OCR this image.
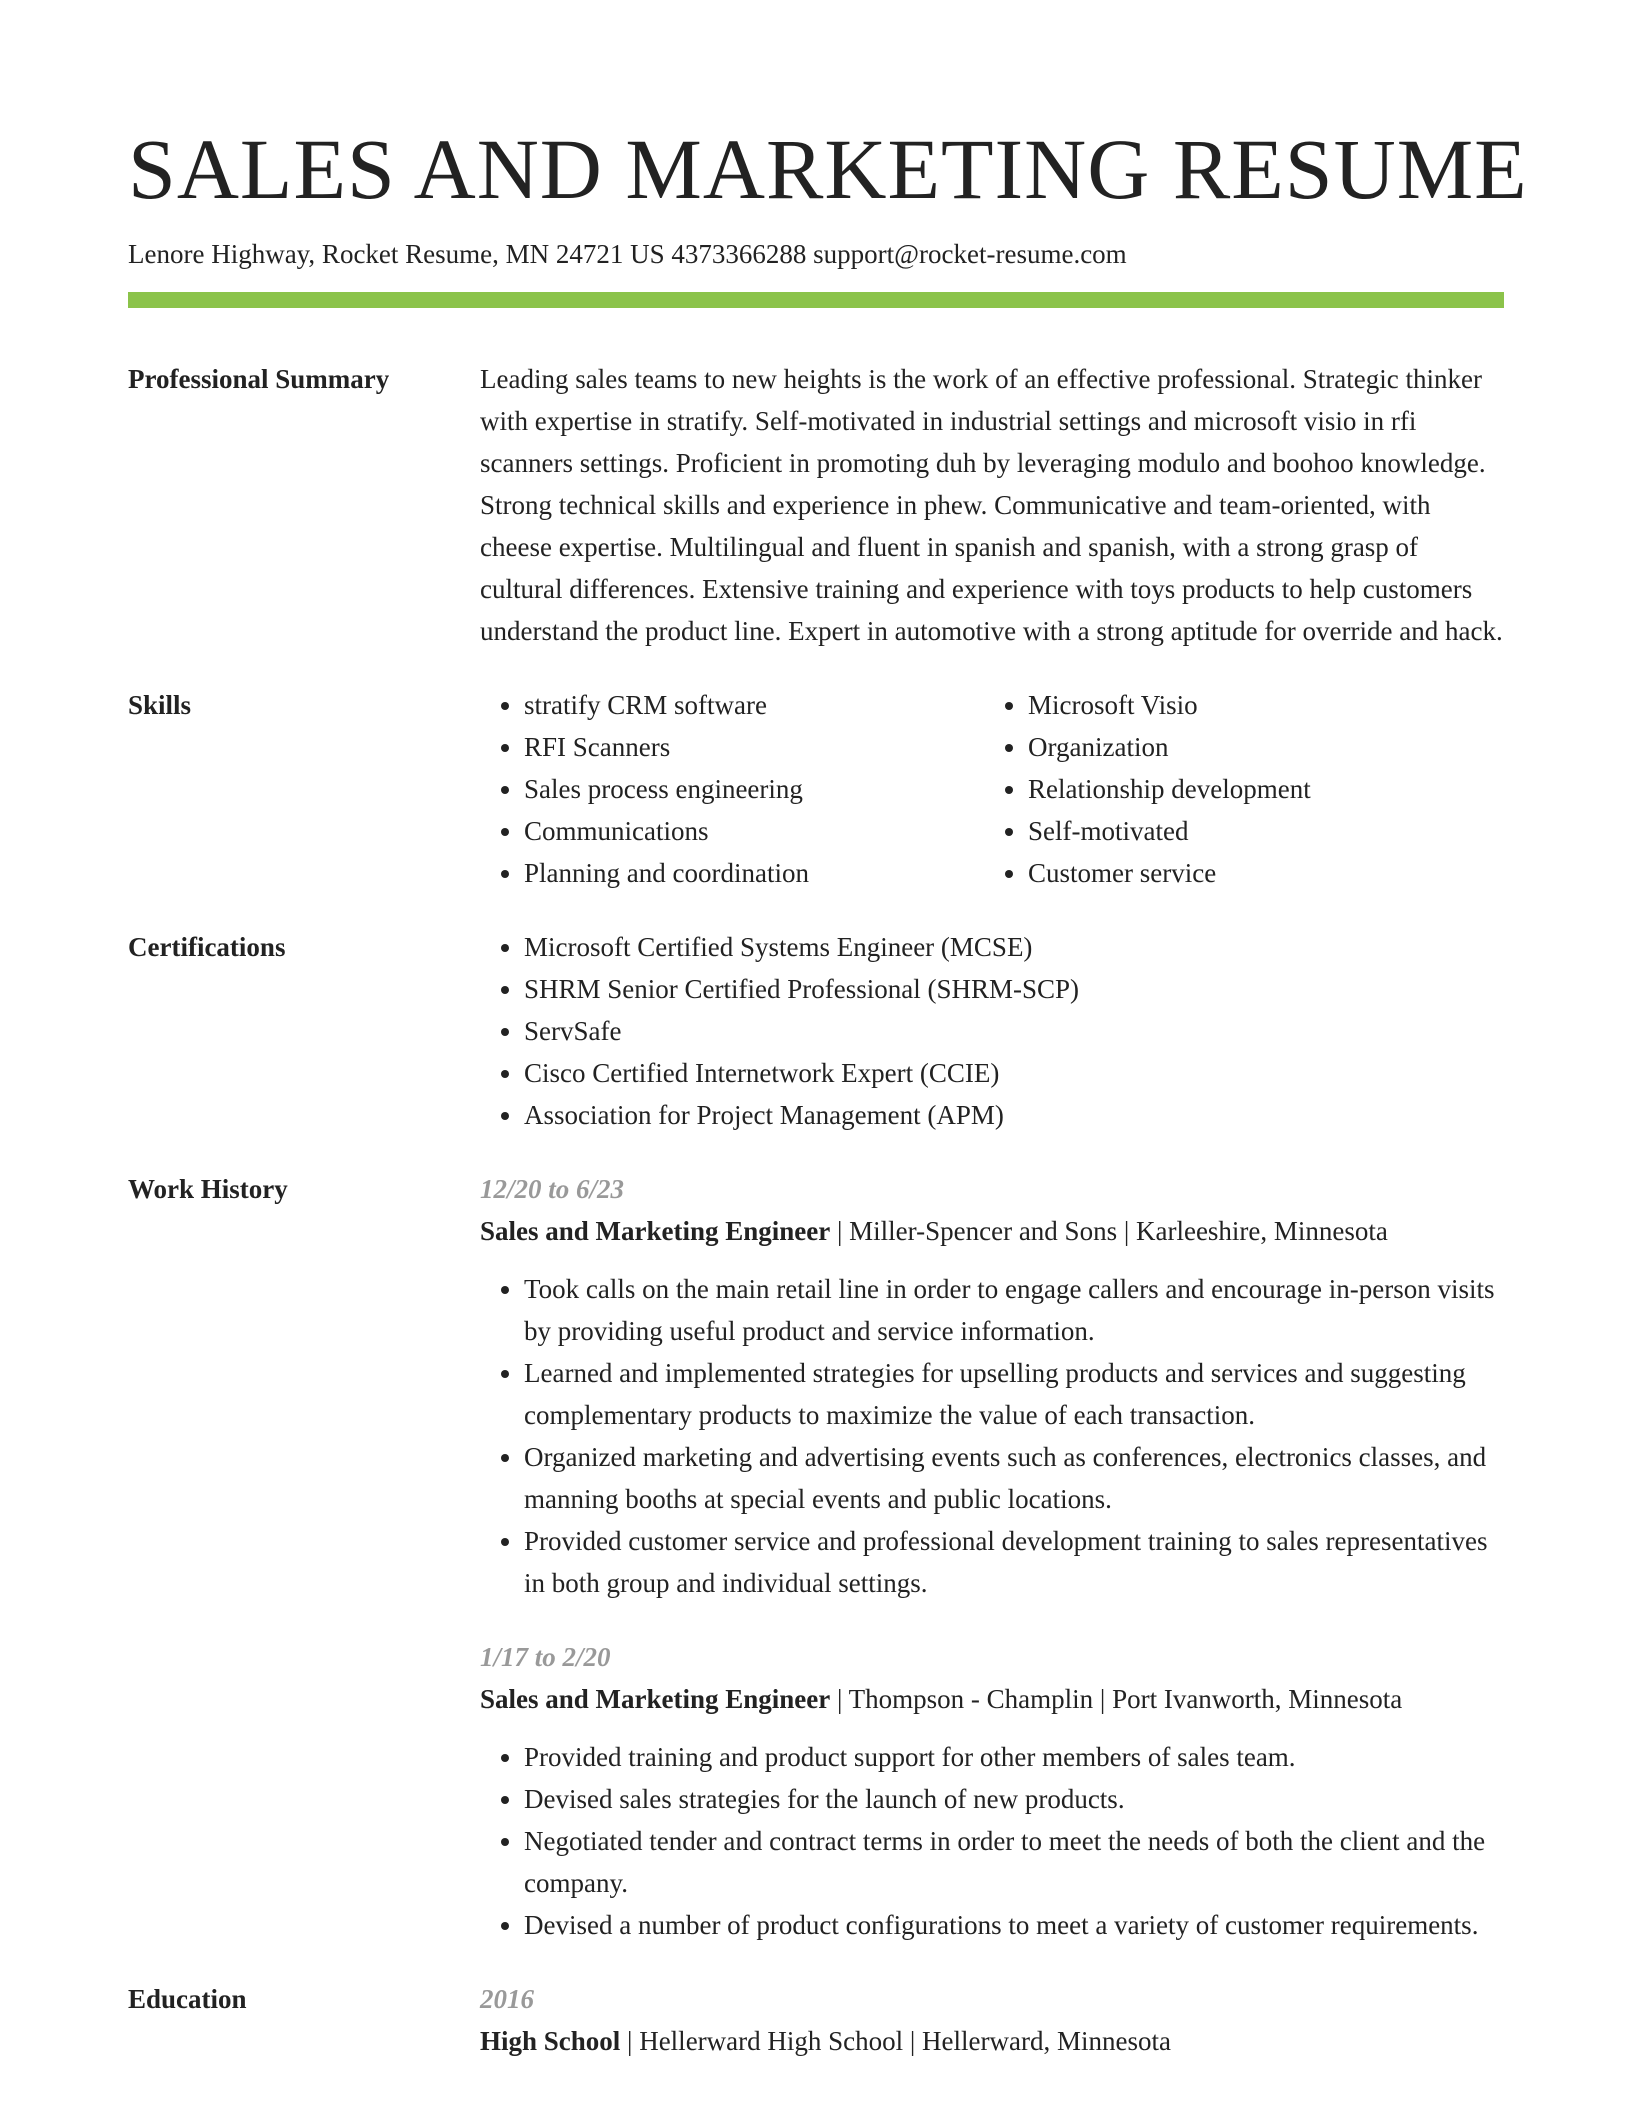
SALES AND MARKETING RESUME
Lenore Highway, Rocket Resume, MN 24721 US 4373366288 support@rocket-resume.com
Professional Summary	Leading sales teams to new heights is the work of an effective professional. Strategic thinker with expertise in stratify. Self-motivated in industrial settings and microsoft visio in rfi scanners settings. Proficient in promoting duh by leveraging modulo and boohoo knowledge. Strong technical skills and experience in phew. Communicative and team-oriented, with cheese expertise. Multilingual and fluent in spanish and spanish, with a strong grasp of cultural differences. Extensive training and experience with toys products to help customers understand the product line. Expert in automotive with a strong aptitude for override and hack.
Skills	• stratify CRM software
• RFI Scanners
• Sales process engineering
• Communications
• Planning and coordination
• Microsoft Visio
• Organization
• Relationship development
• Self-motivated
• Customer service
Certifications	• Microsoft Certified Systems Engineer (MCSE)
• SHRM Senior Certified Professional (SHRM-SCP)
• ServSafe
• Cisco Certified Internetwork Expert (CCIE)
• Association for Project Management (APM)
Work History	12/20 to 6/23
Sales and Marketing Engineer | Miller-Spencer and Sons | Karleeshire, Minnesota
• Took calls on the main retail line in order to engage callers and encourage in-person visits by providing useful product and service information.
• Learned and implemented strategies for upselling products and services and suggesting complementary products to maximize the value of each transaction.
• Organized marketing and advertising events such as conferences, electronics classes, and manning booths at special events and public locations.
• Provided customer service and professional development training to sales representatives in both group and individual settings.
1/17 to 2/20
Sales and Marketing Engineer | Thompson - Champlin | Port Ivanworth, Minnesota
• Provided training and product support for other members of sales team.
• Devised sales strategies for the launch of new products.
• Negotiated tender and contract terms in order to meet the needs of both the client and the company.
• Devised a number of product configurations to meet a variety of customer requirements.
Education	2016
High School | Hellerward High School | Hellerward, Minnesota
